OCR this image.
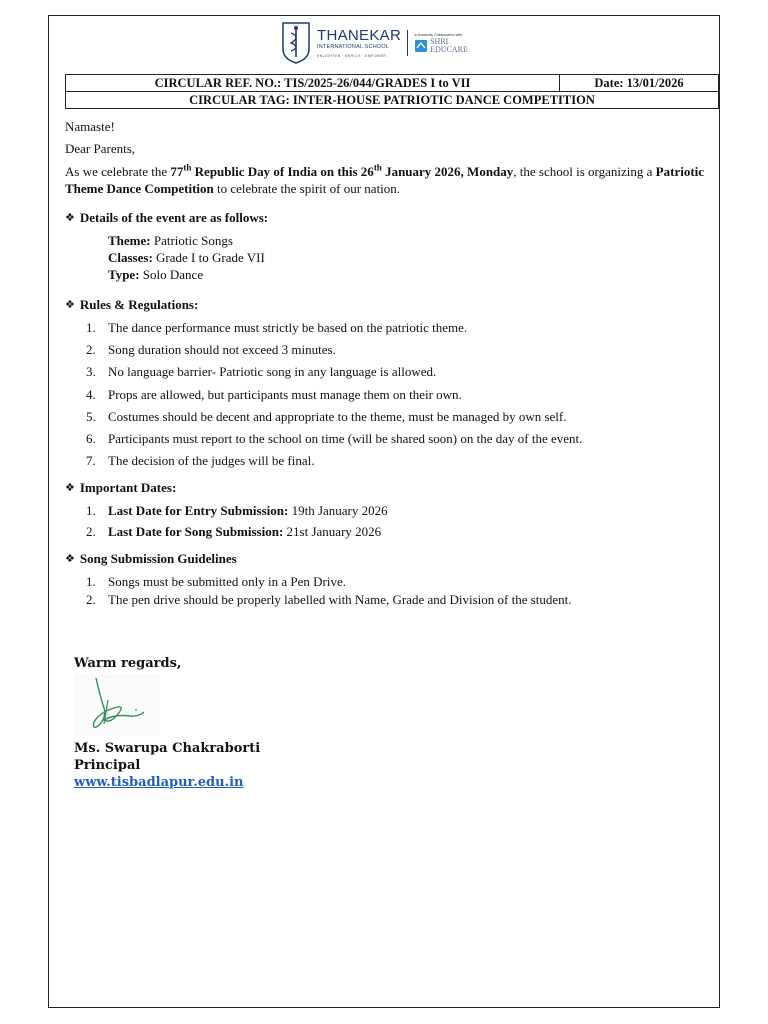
THANEKAR
INTERNATIONAL SCHOOL
ENLIGHTEN · ENRICH · EMPOWER
In Academic Collaboration with
SHRI
EDUCARE
CIRCULAR REF. NO.: TIS/2025-26/044/GRADES I to VII	Date: 13/01/2026
CIRCULAR TAG: INTER-HOUSE PATRIOTIC DANCE COMPETITION
Namaste!
Dear Parents,
As we celebrate the 77th Republic Day of India on this 26th January 2026, Monday, the school is organizing a Patriotic Theme Dance Competition to celebrate the spirit of our nation.
❖ Details of the event are as follows:
Theme: Patriotic Songs
Classes: Grade I to Grade VII
Type: Solo Dance
❖ Rules & Regulations:
1. The dance performance must strictly be based on the patriotic theme.
2. Song duration should not exceed 3 minutes.
3. No language barrier- Patriotic song in any language is allowed.
4. Props are allowed, but participants must manage them on their own.
5. Costumes should be decent and appropriate to the theme, must be managed by own self.
6. Participants must report to the school on time (will be shared soon) on the day of the event.
7. The decision of the judges will be final.
❖ Important Dates:
1. Last Date for Entry Submission: 19th January 2026
2. Last Date for Song Submission: 21st January 2026
❖ Song Submission Guidelines
1. Songs must be submitted only in a Pen Drive.
2. The pen drive should be properly labelled with Name, Grade and Division of the student.
Warm regards,
Ms. Swarupa Chakraborti
Principal
www.tisbadlapur.edu.in
